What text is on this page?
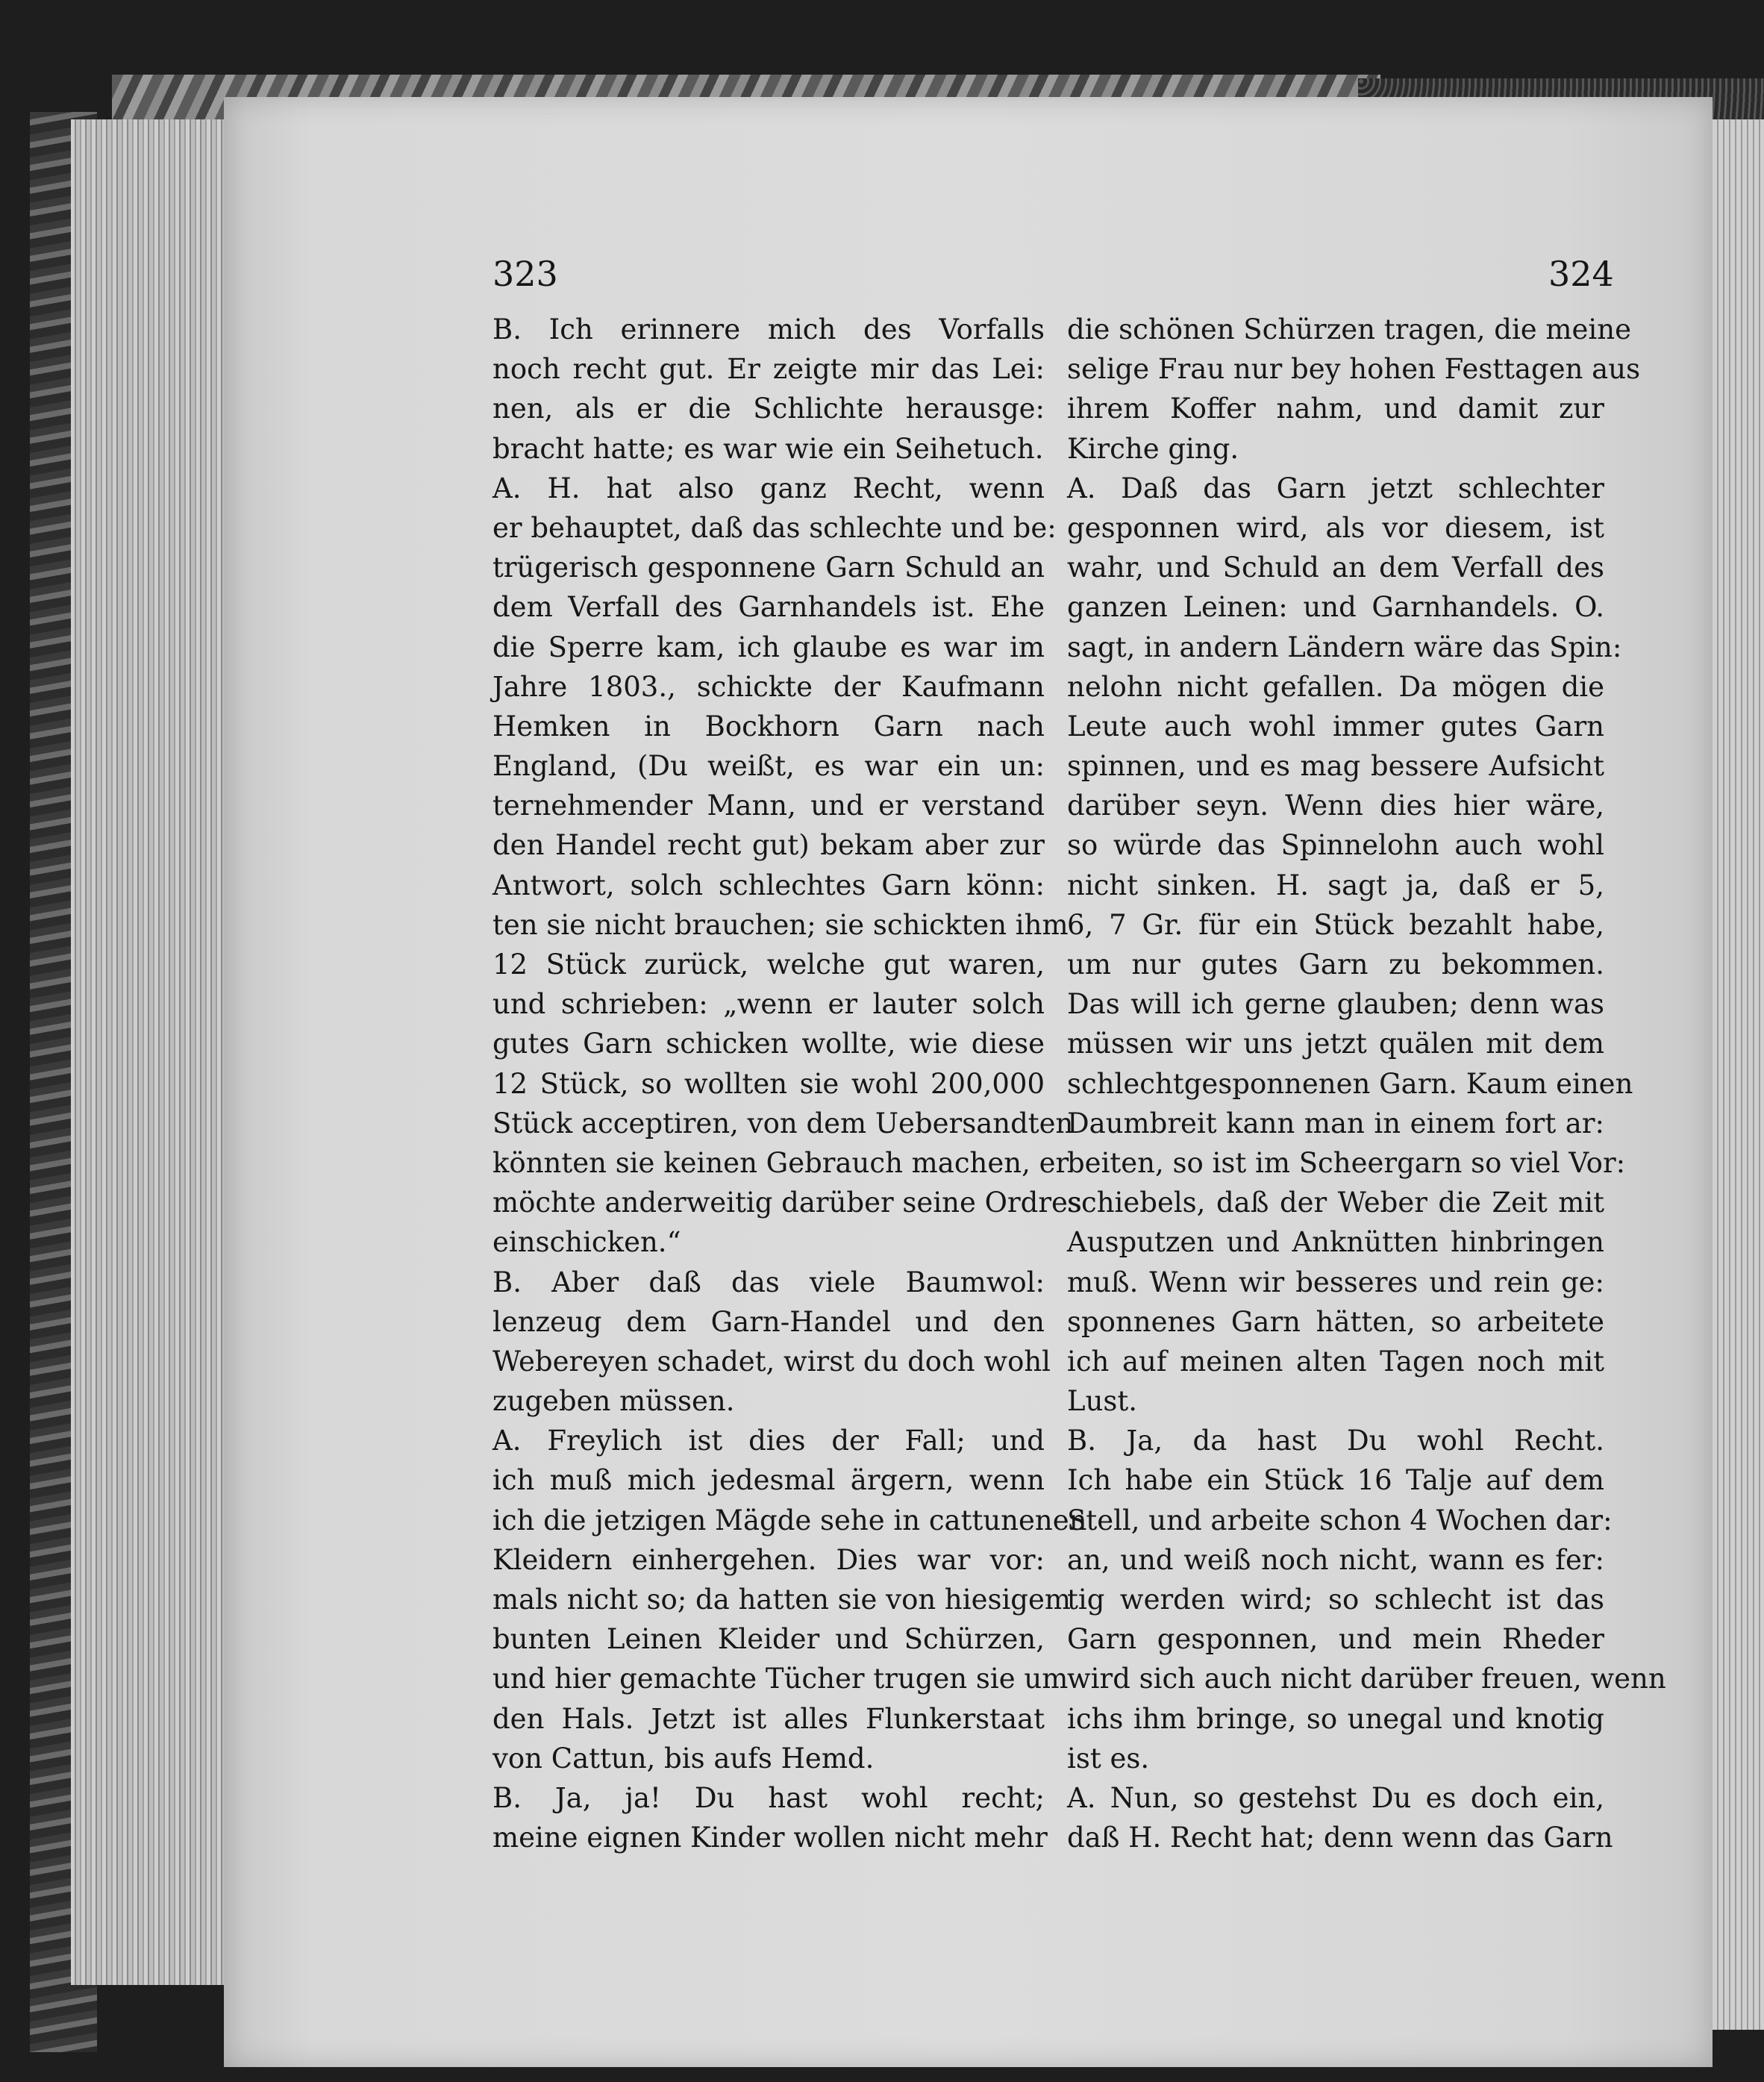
323	324
B. Ich erinnere mich des Vorfalls
noch recht gut. Er zeigte mir das Lei:
nen, als er die Schlichte herausge:
bracht hatte; es war wie ein Seihetuch.
A. H. hat also ganz Recht, wenn
er behauptet, daß das schlechte und be:
trügerisch gesponnene Garn Schuld an
dem Verfall des Garnhandels ist. Ehe
die Sperre kam, ich glaube es war im
Jahre 1803., schickte der Kaufmann
Hemken in Bockhorn Garn nach
England, (Du weißt, es war ein un:
ternehmender Mann, und er verstand
den Handel recht gut) bekam aber zur
Antwort, solch schlechtes Garn könn:
ten sie nicht brauchen; sie schickten ihm
12 Stück zurück, welche gut waren,
und schrieben: „wenn er lauter solch
gutes Garn schicken wollte, wie diese
12 Stück, so wollten sie wohl 200,000
Stück acceptiren, von dem Uebersandten
könnten sie keinen Gebrauch machen, er
möchte anderweitig darüber seine Ordres
einschicken.“
B. Aber daß das viele Baumwol:
lenzeug dem Garn-Handel und den
Webereyen schadet, wirst du doch wohl
zugeben müssen.
A. Freylich ist dies der Fall; und
ich muß mich jedesmal ärgern, wenn
ich die jetzigen Mägde sehe in cattunenen
Kleidern einhergehen. Dies war vor:
mals nicht so; da hatten sie von hiesigem
bunten Leinen Kleider und Schürzen,
und hier gemachte Tücher trugen sie um
den Hals. Jetzt ist alles Flunkerstaat
von Cattun, bis aufs Hemd.
B. Ja, ja! Du hast wohl recht;
meine eignen Kinder wollen nicht mehr
die schönen Schürzen tragen, die meine
selige Frau nur bey hohen Festtagen aus
ihrem Koffer nahm, und damit zur
Kirche ging.
A. Daß das Garn jetzt schlechter
gesponnen wird, als vor diesem, ist
wahr, und Schuld an dem Verfall des
ganzen Leinen: und Garnhandels. O.
sagt, in andern Ländern wäre das Spin:
nelohn nicht gefallen. Da mögen die
Leute auch wohl immer gutes Garn
spinnen, und es mag bessere Aufsicht
darüber seyn. Wenn dies hier wäre,
so würde das Spinnelohn auch wohl
nicht sinken. H. sagt ja, daß er 5,
6, 7 Gr. für ein Stück bezahlt habe,
um nur gutes Garn zu bekommen.
Das will ich gerne glauben; denn was
müssen wir uns jetzt quälen mit dem
schlechtgesponnenen Garn. Kaum einen
Daumbreit kann man in einem fort ar:
beiten, so ist im Scheergarn so viel Vor:
schiebels, daß der Weber die Zeit mit
Ausputzen und Anknütten hinbringen
muß. Wenn wir besseres und rein ge:
sponnenes Garn hätten, so arbeitete
ich auf meinen alten Tagen noch mit
Lust.
B. Ja, da hast Du wohl Recht.
Ich habe ein Stück 16 Talje auf dem
Stell, und arbeite schon 4 Wochen dar:
an, und weiß noch nicht, wann es fer:
tig werden wird; so schlecht ist das
Garn gesponnen, und mein Rheder
wird sich auch nicht darüber freuen, wenn
ichs ihm bringe, so unegal und knotig
ist es.
A. Nun, so gestehst Du es doch ein,
daß H. Recht hat; denn wenn das Garn
